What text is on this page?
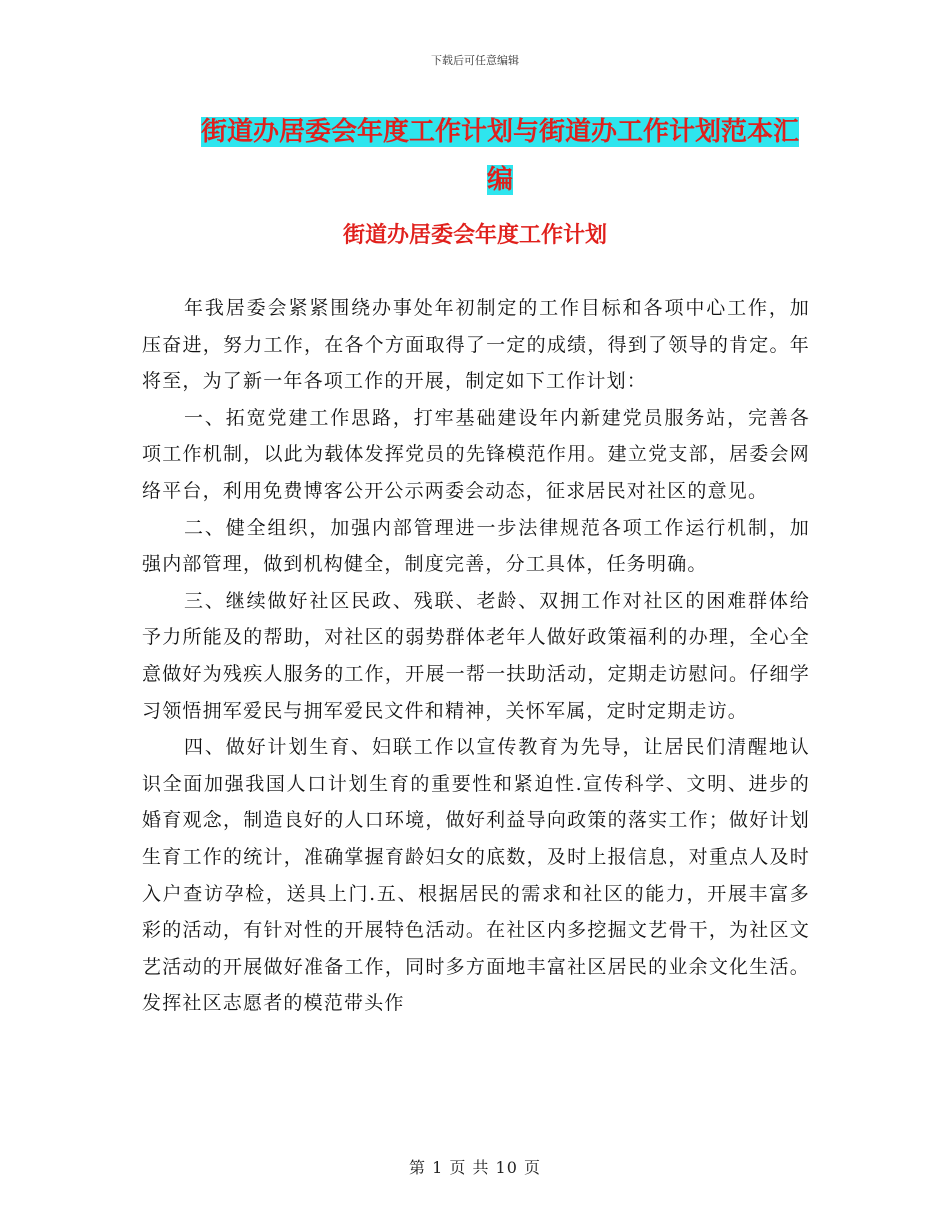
下载后可任意编辑
街道办居委会年度工作计划与街道办工作计划范本汇
编
街道办居委会年度工作计划

年我居委会紧紧围绕办事处年初制定的工作目标和各项中心工作，加压奋进，努力工作，在各个方面取得了一定的成绩，得到了领导的肯定。年将至，为了新一年各项工作的开展，制定如下工作计划：

一、拓宽党建工作思路，打牢基础建设年内新建党员服务站，完善各项工作机制，以此为载体发挥党员的先锋模范作用。建立党支部，居委会网络平台，利用免费博客公开公示两委会动态，征求居民对社区的意见。

二、健全组织，加强内部管理进一步法律规范各项工作运行机制，加强内部管理，做到机构健全，制度完善，分工具体，任务明确。

三、继续做好社区民政、残联、老龄、双拥工作对社区的困难群体给予力所能及的帮助，对社区的弱势群体老年人做好政策福利的办理，全心全意做好为残疾人服务的工作，开展一帮一扶助活动，定期走访慰问。仔细学习领悟拥军爱民与拥军爱民文件和精神，关怀军属，定时定期走访。

四、做好计划生育、妇联工作以宣传教育为先导，让居民们清醒地认识全面加强我国人口计划生育的重要性和紧迫性.宣传科学、文明、进步的婚育观念，制造良好的人口环境，做好利益导向政策的落实工作；做好计划生育工作的统计，准确掌握育龄妇女的底数，及时上报信息，对重点人及时入户查访孕检，送具上门.五、根据居民的需求和社区的能力，开展丰富多彩的活动，有针对性的开展特色活动。在社区内多挖掘文艺骨干，为社区文艺活动的开展做好准备工作，同时多方面地丰富社区居民的业余文化生活。发挥社区志愿者的模范带头作

第 1 页 共 10 页
